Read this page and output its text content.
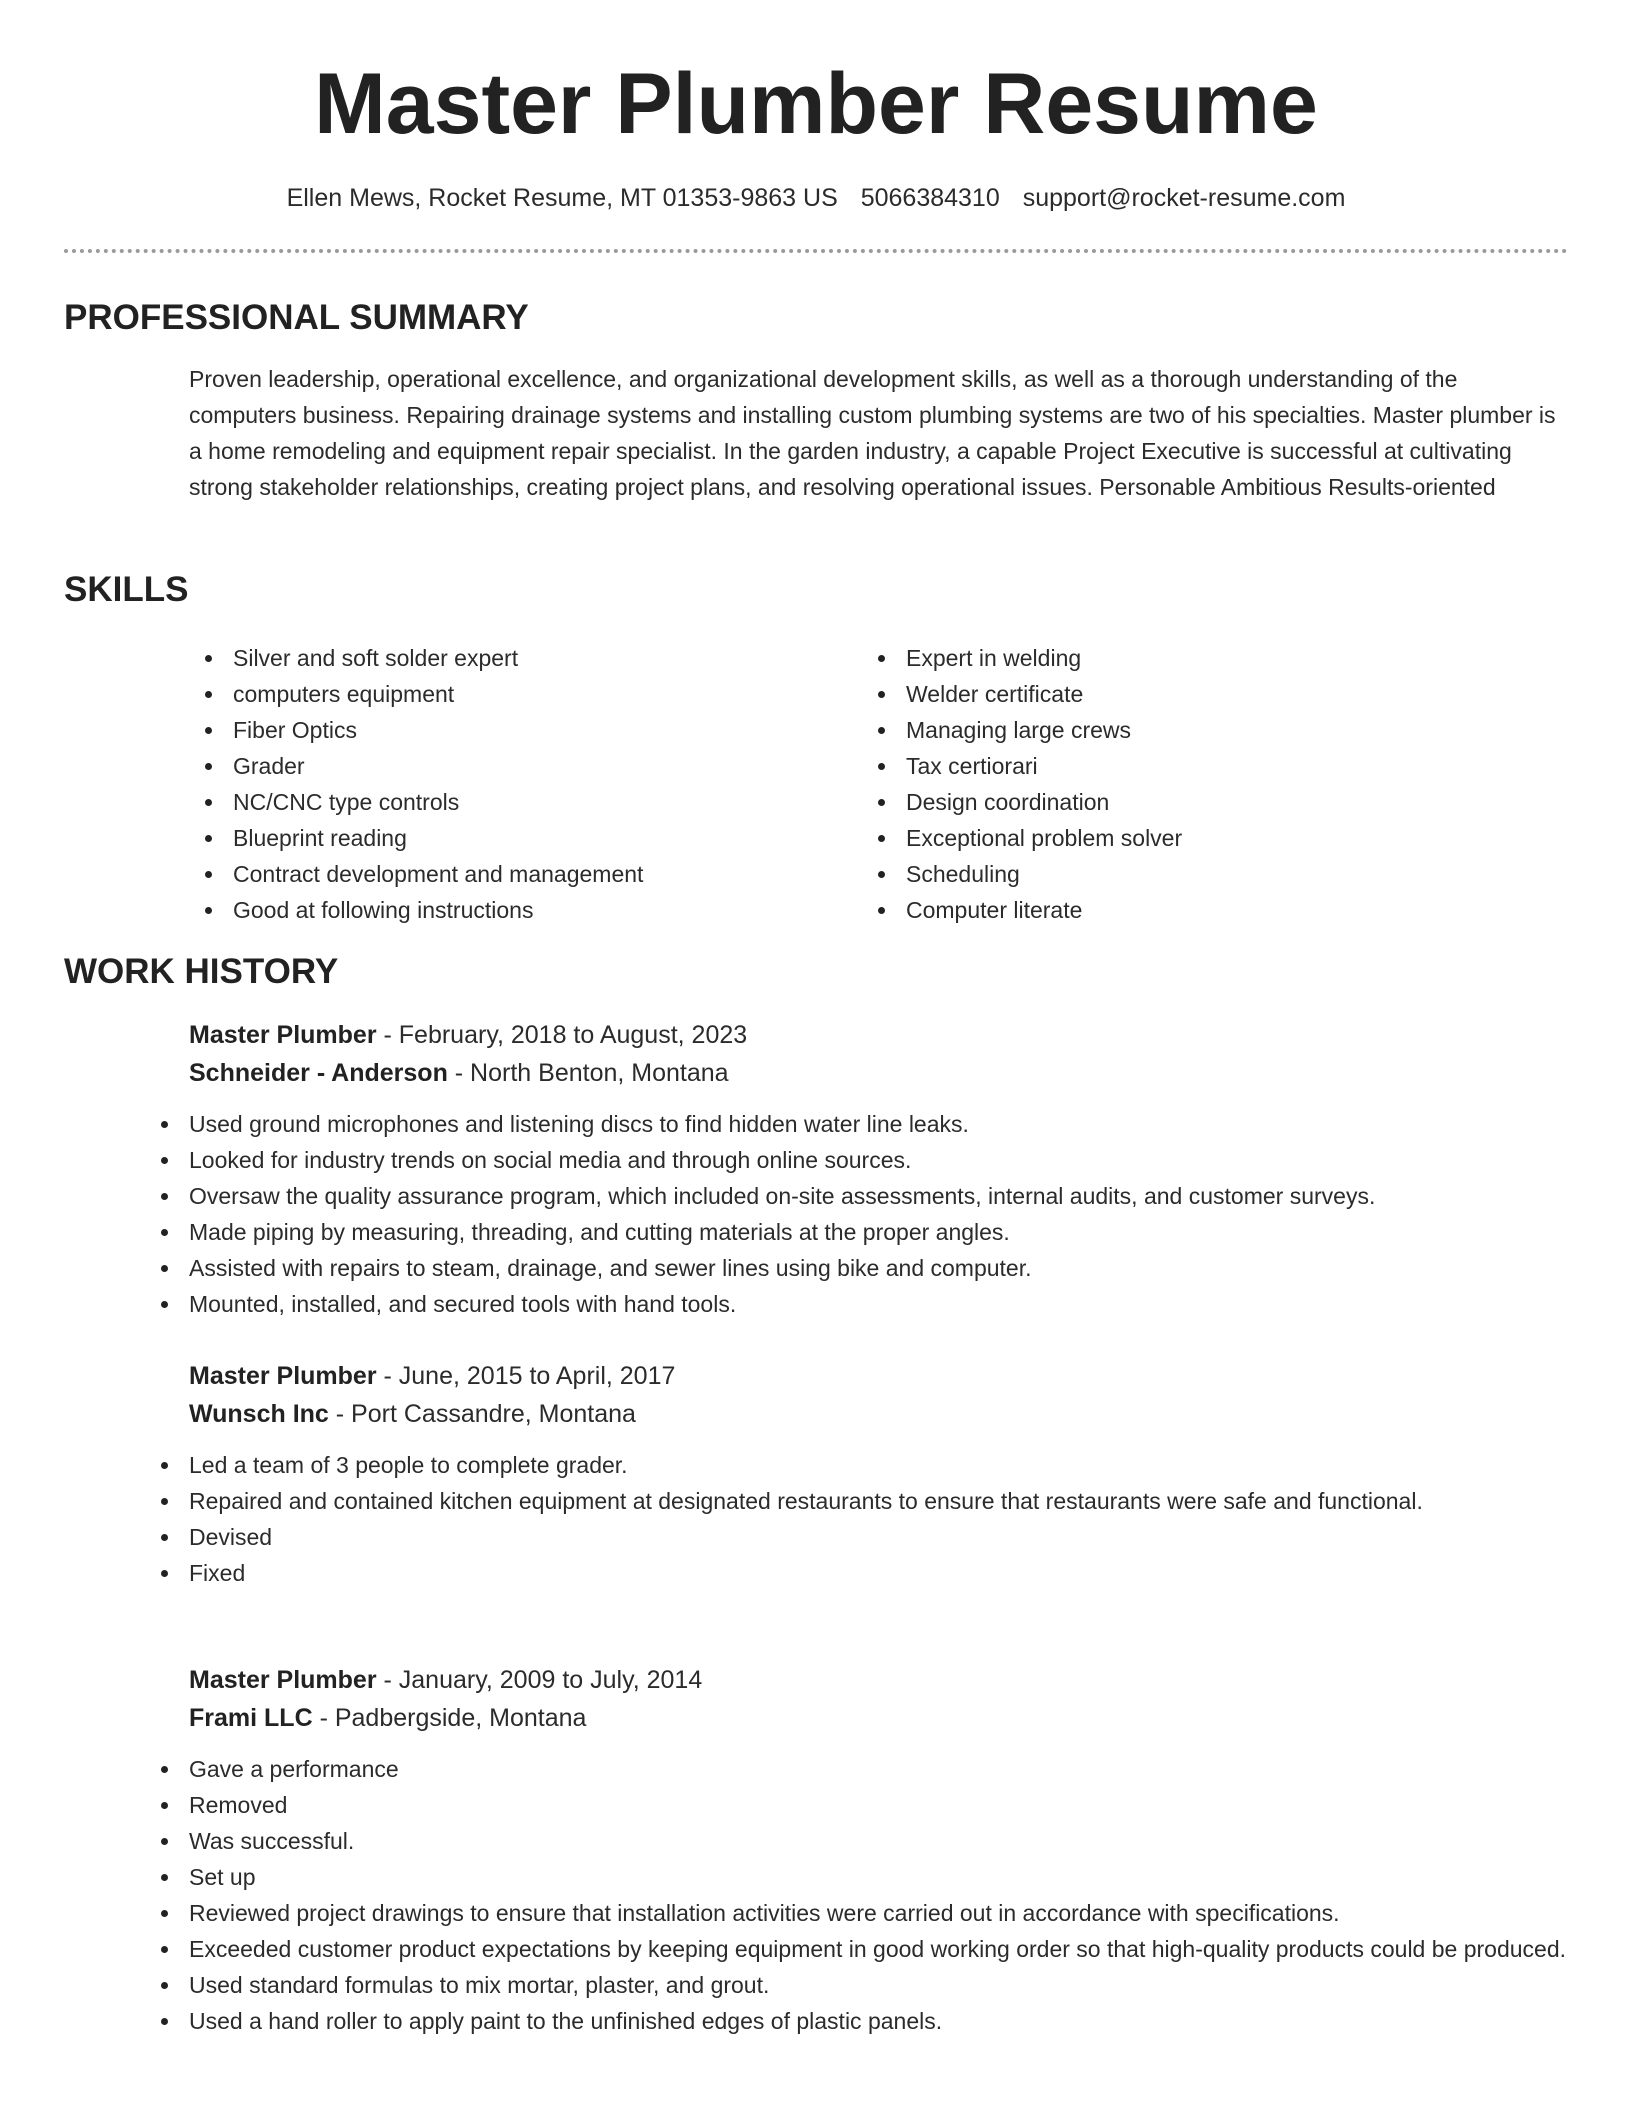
Master Plumber Resume
Ellen Mews, Rocket Resume, MT 01353-9863 US 5066384310 support@rocket-resume.com
PROFESSIONAL SUMMARY
Proven leadership, operational excellence, and organizational development skills, as well as a thorough understanding of the computers business. Repairing drainage systems and installing custom plumbing systems are two of his specialties. Master plumber is a home remodeling and equipment repair specialist. In the garden industry, a capable Project Executive is successful at cultivating strong stakeholder relationships, creating project plans, and resolving operational issues. Personable Ambitious Results-oriented
SKILLS
Silver and soft solder expert
computers equipment
Fiber Optics
Grader
NC/CNC type controls
Blueprint reading
Contract development and management
Good at following instructions
Expert in welding
Welder certificate
Managing large crews
Tax certiorari
Design coordination
Exceptional problem solver
Scheduling
Computer literate
WORK HISTORY
Master Plumber - February, 2018 to August, 2023
Schneider - Anderson - North Benton, Montana
Used ground microphones and listening discs to find hidden water line leaks.
Looked for industry trends on social media and through online sources.
Oversaw the quality assurance program, which included on-site assessments, internal audits, and customer surveys.
Made piping by measuring, threading, and cutting materials at the proper angles.
Assisted with repairs to steam, drainage, and sewer lines using bike and computer.
Mounted, installed, and secured tools with hand tools.
Master Plumber - June, 2015 to April, 2017
Wunsch Inc - Port Cassandre, Montana
Led a team of 3 people to complete grader.
Repaired and contained kitchen equipment at designated restaurants to ensure that restaurants were safe and functional.
Devised
Fixed
Master Plumber - January, 2009 to July, 2014
Frami LLC - Padbergside, Montana
Gave a performance
Removed
Was successful.
Set up
Reviewed project drawings to ensure that installation activities were carried out in accordance with specifications.
Exceeded customer product expectations by keeping equipment in good working order so that high-quality products could be produced.
Used standard formulas to mix mortar, plaster, and grout.
Used a hand roller to apply paint to the unfinished edges of plastic panels.
